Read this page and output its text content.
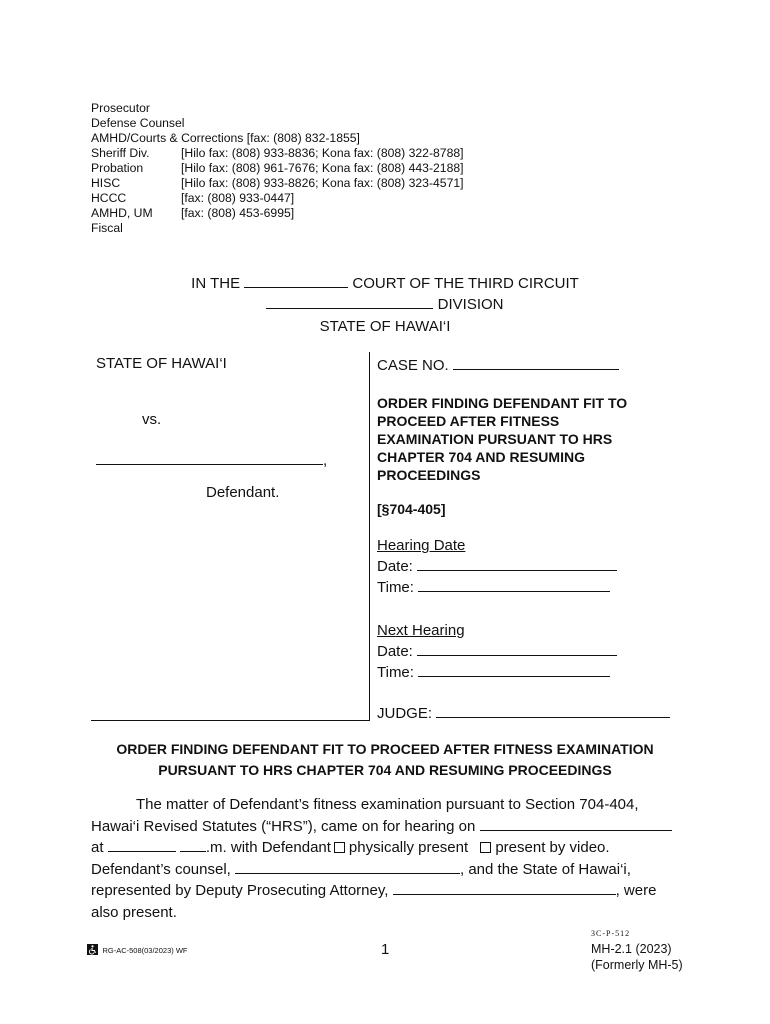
Prosecutor
Defense Counsel
AMHD/Courts & Corrections [fax: (808) 832-1855]
Sheriff Div.	[Hilo fax: (808) 933-8836; Kona fax: (808) 322-8788]
Probation	[Hilo fax: (808) 961-7676; Kona fax: (808) 443-2188]
HISC	[Hilo fax: (808) 933-8826; Kona fax: (808) 323-4571]
HCCC	[fax: (808) 933-0447]
AMHD, UM [fax: (808) 453-6995]
Fiscal
IN THE	COURT OF THE THIRD CIRCUIT
DIVISION
STATE OF HAWAI‘I
STATE OF HAWAI‘I
vs.
,
Defendant.
CASE NO.
ORDER FINDING DEFENDANT FIT TO
PROCEED AFTER FITNESS
EXAMINATION PURSUANT TO HRS
CHAPTER 704 AND RESUMING
PROCEEDINGS
[§704-405]
Hearing Date
Date:
Time:
Next Hearing
Date:
Time:
JUDGE:
ORDER FINDING DEFENDANT FIT TO PROCEED AFTER FITNESS EXAMINATION
PURSUANT TO HRS CHAPTER 704 AND RESUMING PROCEEDINGS
The matter of Defendant’s fitness examination pursuant to Section 704-404,
Hawai‘i Revised Statutes (“HRS”), came on for hearing on
at	.m. with Defendant physically present present by video.
Defendant’s counsel,	, and the State of Hawai‘i,
represented by Deputy Prosecuting Attorney,	, were
also present.
RG-AC-508(03/2023) WF	1
3C-P-512
MH-2.1 (2023)
(Formerly MH-5)
